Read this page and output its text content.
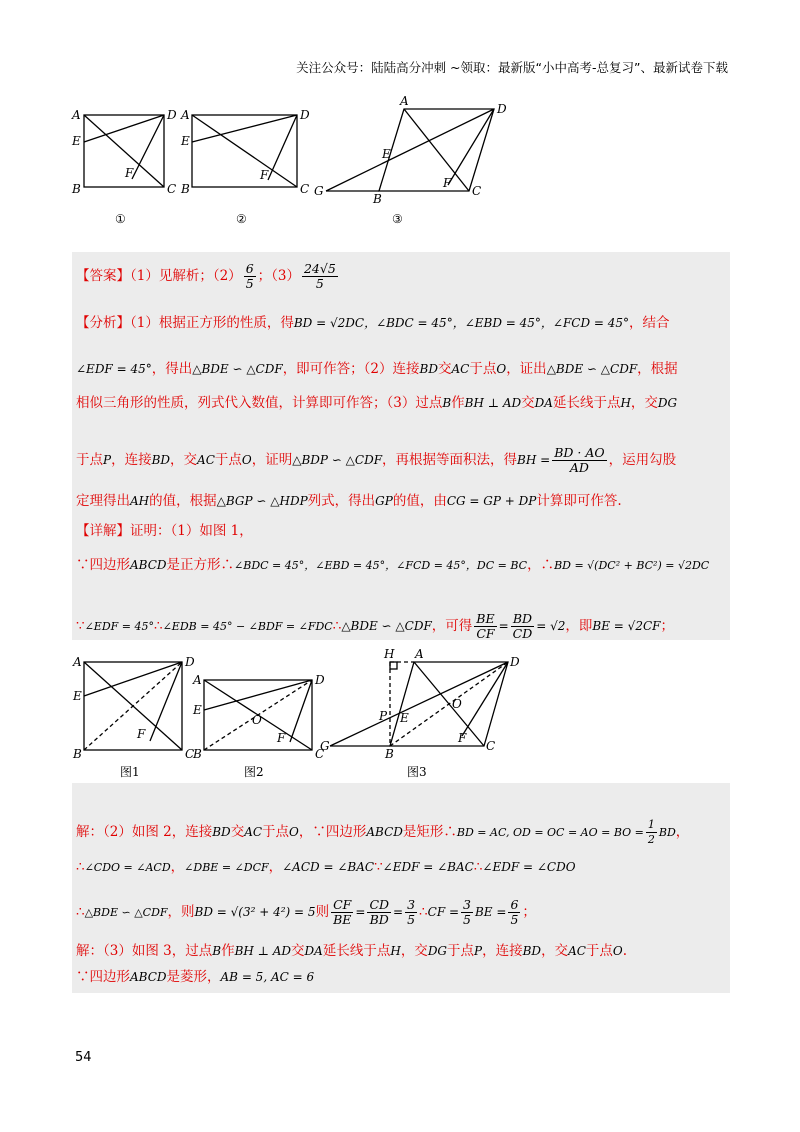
关注公众号：陆陆高分冲刺 ~领取：最新版“小中高考-总复习”、最新试卷下载
A	D
E
B	C
F
A	D
E
B	C
F
A
D
E
B
C
F
G
①	②	③
【答案】（1）见解析；$(2) \frac{6}{5}$ ；$(3) \frac{24√5}{5}$
【分析】（1）根据正方形的性质，得BD = √2DC，∠BDC = 45°，∠EBD = 45°，∠FCD = 45°，结合
∠EDF = 45°，得出△BDE ∽ △CDF，即可作答；（2）连接BD交AC于点O，证出△BDE ∽ △CDF，根据
相似三角形的性质，列式代入数值，计算即可作答；（3）过点B作BH ⊥ AD交DA延长线于点H，交DG
于点P，连接BD，交AC于点O，证明△BDP ∽ △CDF，再根据等面积法，得BH = $\frac{BD \cdot AO}{AD}$ ，运用勾股
定理得出AH的值，根据△BGP ∽ △HDP列式，得出GP的值，由CG = GP + DP计算即可作答.
【详解】证明：（1）如图 1，
∵四边形ABCD是正方形∴∠BDC = 45°，∠EBD = 45°，∠FCD = 45°，DC = BC，∴BD = √(DC² + BC²) = √2DC
∵∠EDF = 45°∴∠EDB = 45° − ∠BDF = ∠FDC∴△BDE ∽ △CDF，可得 $\frac{BE}{CF} = \frac{BD}{CD} = √2$，即BE = √2CF；
A	D
E
B	C
F
A	D
E
B	C
F
O
H A
D
P E
O
B
C
F
G
图1	图2	图3
解：（2）如图 2，连接BD交AC于点O，∵四边形ABCD是矩形∴BD = AC, OD = OC = AO = BO = $\frac{1}{2}$ BD，
∴∠CDO = ∠ACD，∠DBE = ∠DCF，∠ACD = ∠BAC∵∠EDF = ∠BAC∴∠EDF = ∠CDO
∴△BDE ∽ △CDF，则BD = √(3² + 4²) = 5则 $\frac{CF}{BE} = \frac{CD}{BD} = \frac{3}{5}$ ∴CF = $\frac{3}{5}$ BE = $\frac{6}{5}$ ；
解：（3）如图 3，过点B作BH ⊥ AD交DA延长线于点H，交DG于点P，连接BD，交AC于点O.
∵四边形ABCD是菱形，AB = 5, AC = 6
54
